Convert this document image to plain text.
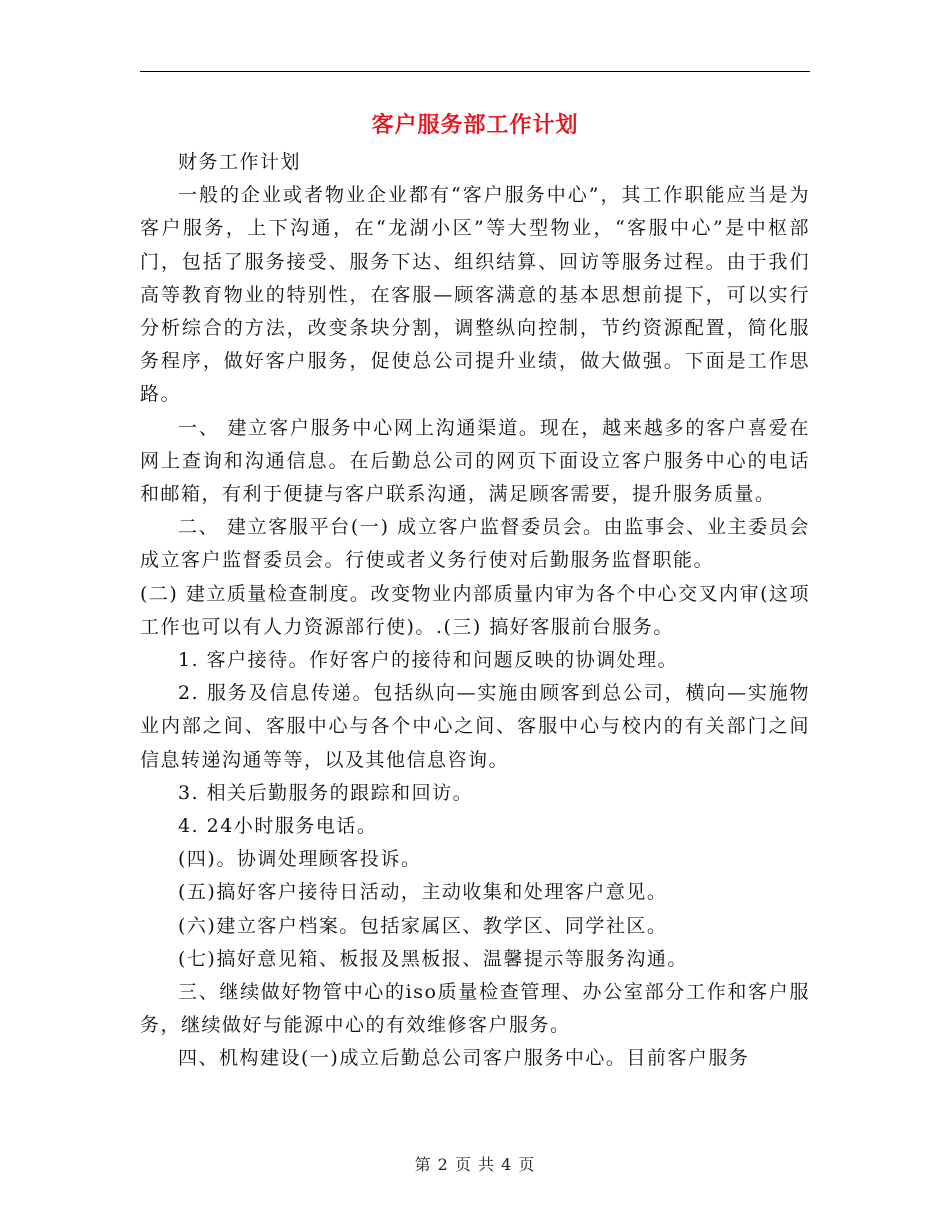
客户服务部工作计划

财务工作计划

一般的企业或者物业企业都有“客户服务中心”，其工作职能应当是为客户服务，上下沟通，在“龙湖小区”等大型物业，“客服中心”是中枢部门，包括了服务接受、服务下达、组织结算、回访等服务过程。由于我们高等教育物业的特别性，在客服—顾客满意的基本思想前提下，可以实行分析综合的方法，改变条块分割，调整纵向控制，节约资源配置，简化服务程序，做好客户服务，促使总公司提升业绩，做大做强。下面是工作思路。

一、 建立客户服务中心网上沟通渠道。现在，越来越多的客户喜爱在网上查询和沟通信息。在后勤总公司的网页下面设立客户服务中心的电话和邮箱，有利于便捷与客户联系沟通，满足顾客需要，提升服务质量。

二、 建立客服平台(一) 成立客户监督委员会。由监事会、业主委员会成立客户监督委员会。行使或者义务行使对后勤服务监督职能。

(二) 建立质量检查制度。改变物业内部质量内审为各个中心交叉内审(这项工作也可以有人力资源部行使)。.(三) 搞好客服前台服务。

1. 客户接待。作好客户的接待和问题反映的协调处理。

2. 服务及信息传递。包括纵向—实施由顾客到总公司，横向—实施物业内部之间、客服中心与各个中心之间、客服中心与校内的有关部门之间信息转递沟通等等，以及其他信息咨询。

3. 相关后勤服务的跟踪和回访。

4. 24小时服务电话。

(四)。协调处理顾客投诉。

(五)搞好客户接待日活动，主动收集和处理客户意见。

(六)建立客户档案。包括家属区、教学区、同学社区。

(七)搞好意见箱、板报及黑板报、温馨提示等服务沟通。

三、继续做好物管中心的iso质量检查管理、办公室部分工作和客户服务，继续做好与能源中心的有效维修客户服务。

四、机构建设(一)成立后勤总公司客户服务中心。目前客户服务

第 2 页 共 4 页
